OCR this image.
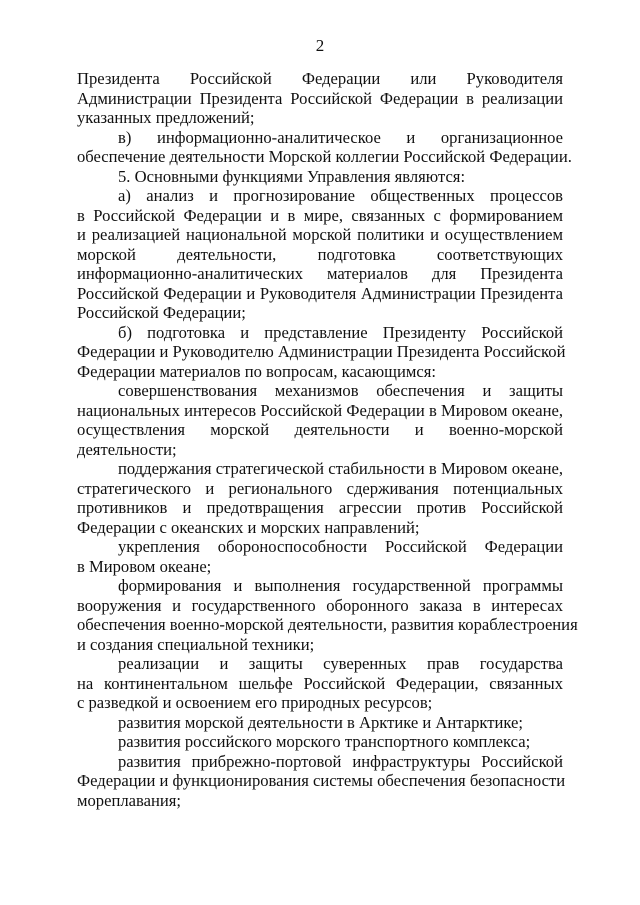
2
Президента Российской Федерации или Руководителя
Администрации Президента Российской Федерации в реализации
указанных предложений;
в) информационно-аналитическое и организационное
обеспечение деятельности Морской коллегии Российской Федерации.
5. Основными функциями Управления являются:
а) анализ и прогнозирование общественных процессов
в Российской Федерации и в мире, связанных с формированием
и реализацией национальной морской политики и осуществлением
морской деятельности, подготовка соответствующих
информационно-аналитических материалов для Президента
Российской Федерации и Руководителя Администрации Президента
Российской Федерации;
б) подготовка и представление Президенту Российской
Федерации и Руководителю Администрации Президента Российской
Федерации материалов по вопросам, касающимся:
совершенствования механизмов обеспечения и защиты
национальных интересов Российской Федерации в Мировом океане,
осуществления морской деятельности и военно-морской
деятельности;
поддержания стратегической стабильности в Мировом океане,
стратегического и регионального сдерживания потенциальных
противников и предотвращения агрессии против Российской
Федерации с океанских и морских направлений;
укрепления обороноспособности Российской Федерации
в Мировом океане;
формирования и выполнения государственной программы
вооружения и государственного оборонного заказа в интересах
обеспечения военно-морской деятельности, развития кораблестроения
и создания специальной техники;
реализации и защиты суверенных прав государства
на континентальном шельфе Российской Федерации, связанных
с разведкой и освоением его природных ресурсов;
развития морской деятельности в Арктике и Антарктике;
развития российского морского транспортного комплекса;
развития прибрежно-портовой инфраструктуры Российской
Федерации и функционирования системы обеспечения безопасности
мореплавания;
